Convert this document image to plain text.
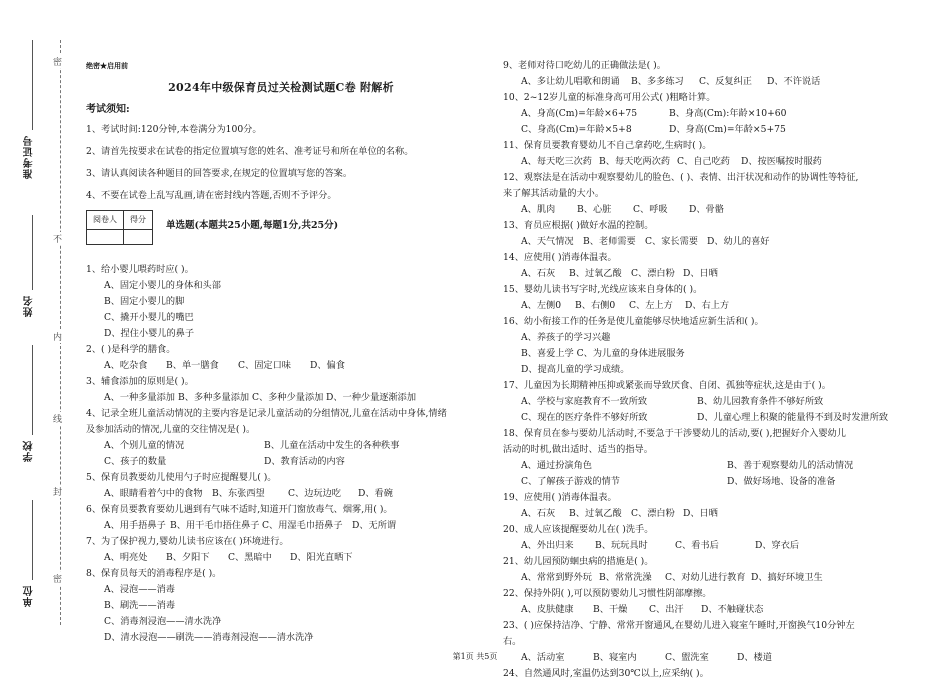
准考证号
姓名
学校
单位
密
不
内
线
封
密
绝密★启用前
2024年中级保育员过关检测试题C卷 附解析
考试须知:
1、考试时间:120分钟,本卷满分为100分。
2、请首先按要求在试卷的指定位置填写您的姓名、准考证号和所在单位的名称。
3、请认真阅读各种题目的回答要求,在规定的位置填写您的答案。
4、不要在试卷上乱写乱画,请在密封线内答题,否则不予评分。
阅卷人	得分

单选题(本题共25小题,每题1分,共25分)
1、给小婴儿喂药时应( )。
A、固定小婴儿的身体和头部
B、固定小婴儿的脚
C、撬开小婴儿的嘴巴
D、捏住小婴儿的鼻子
2、( )是科学的膳食。
A、吃杂食	B、单一膳食	C、固定口味	D、偏食
3、辅食添加的原则是( )。
A、一种多量添加 B、多种多量添加 C、多种少量添加 D、一种少量逐渐添加
4、记录全班儿童活动情况的主要内容是记录儿童活动的分组情况,儿童在活动中身体,情绪
及参加活动的情况,儿童的交往情况是( )。
A、个别儿童的情况	B、儿童在活动中发生的各种秩事
C、孩子的数量	D、教育活动的内容
5、保育员教要幼儿使用勺子时应提醒婴儿( )。
A、眼睛看着勺中的食物	B、东张西望	C、边玩边吃	D、看碗
6、保育员要教育要幼儿遇到有气味不适时,知道开门窗放毒气、烟雾,用( )。
A、用手捂鼻子 B、用干毛巾捂住鼻子 C、用湿毛巾捂鼻子	D、无所谓
7、为了保护视力,婴幼儿读书应该在( )环境进行。
A、明亮处	B、夕阳下	C、黑暗中	D、阳光直晒下
8、保育员每天的消毒程序是( )。
A、浸泡——消毒
B、刷洗——消毒
C、消毒剂浸泡——清水洗净
D、清水浸泡——刷洗——消毒剂浸泡——清水洗净
9、老师对待口吃幼儿的正确做法是( )。
A、多让幼儿唱歌和朗诵	B、多多练习	C、反复纠正	D、不许说话
10、2~12岁儿童的标准身高可用公式( )粗略计算。
A、身高(Cm)=年龄×6+75	B、身高(Cm):年龄×10+60
C、身高(Cm)=年龄×5+8	D、身高(Cm)=年龄×5+75
11、保育员要教育婴幼儿不自己拿药吃,生病时( )。
A、每天吃三次药 B、每天吃两次药 C、自己吃药	D、按医嘱按时服药
12、观察法是在活动中观察婴幼儿的脸色、( )、表情、出汗状况和动作的协调性等特征,
来了解其活动量的大小。
A、肌肉	B、心脏	C、呼吸	D、骨骼
13、育员应根据( )做好水温的控制。
A、天气情况	B、老师需要	C、家长需要 D、幼儿的喜好
14、应使用( )消毒体温表。
A、石灰	B、过氧乙酸	C、漂白粉 D、日晒
15、婴幼儿读书写字时,光线应该来自身体的( )。
A、左侧0	B、右侧0	C、左上方	D、右上方
16、幼小衔接工作的任务是使儿童能够尽快地适应新生活和( )。
A、养孩子的学习兴趣
B、喜爱上学 C、为儿童的身体进展服务
D、提高儿童的学习成绩。
17、儿童因为长期精神压抑或紧张而导致厌食、自闭、孤独等症状,这是由于( )。
A、学校与家庭教育不一致所致	B、幼儿园教育条件不够好所致
C、现在的医疗条件不够好所致	D、儿童心理上积聚的能量得不到及时发泄所致
18、保育员在参与要幼儿活动时,不要急于干涉婴幼儿的活动,要( ),把握好介入婴幼儿
活动的时机,做出适时、适当的指导。
A、通过扮演角色	B、善于观察婴幼儿的活动情况
C、了解孩子游戏的情节	D、做好场地、设备的准备
19、应使用( )消毒体温表。
A、石灰	B、过氧乙酸	C、漂白粉 D、日晒
20、成人应该提醒要幼儿在( )洗手。
A、外出归来	B、玩玩具时	C、看书后	D、穿衣后
21、幼儿园预防蛔虫病的措施是( )。
A、常常到野外玩 B、常常洗澡	C、对幼儿进行教育 D、搞好环境卫生
22、保持外阴( ),可以预防婴幼儿习惯性阴部摩擦。
A、皮肤健康	B、干燥	C、出汗	D、不触碰状态
23、( )应保持洁净、宁静、常常开窗通风,在婴幼儿进入寝室午睡时,开窗换气10分钟左
右。
A、活动室	B、寝室内	C、盥洗室	D、楼道
24、自然通风时,室温仍达到30℃以上,应采纳( )。
第1页 共5页
